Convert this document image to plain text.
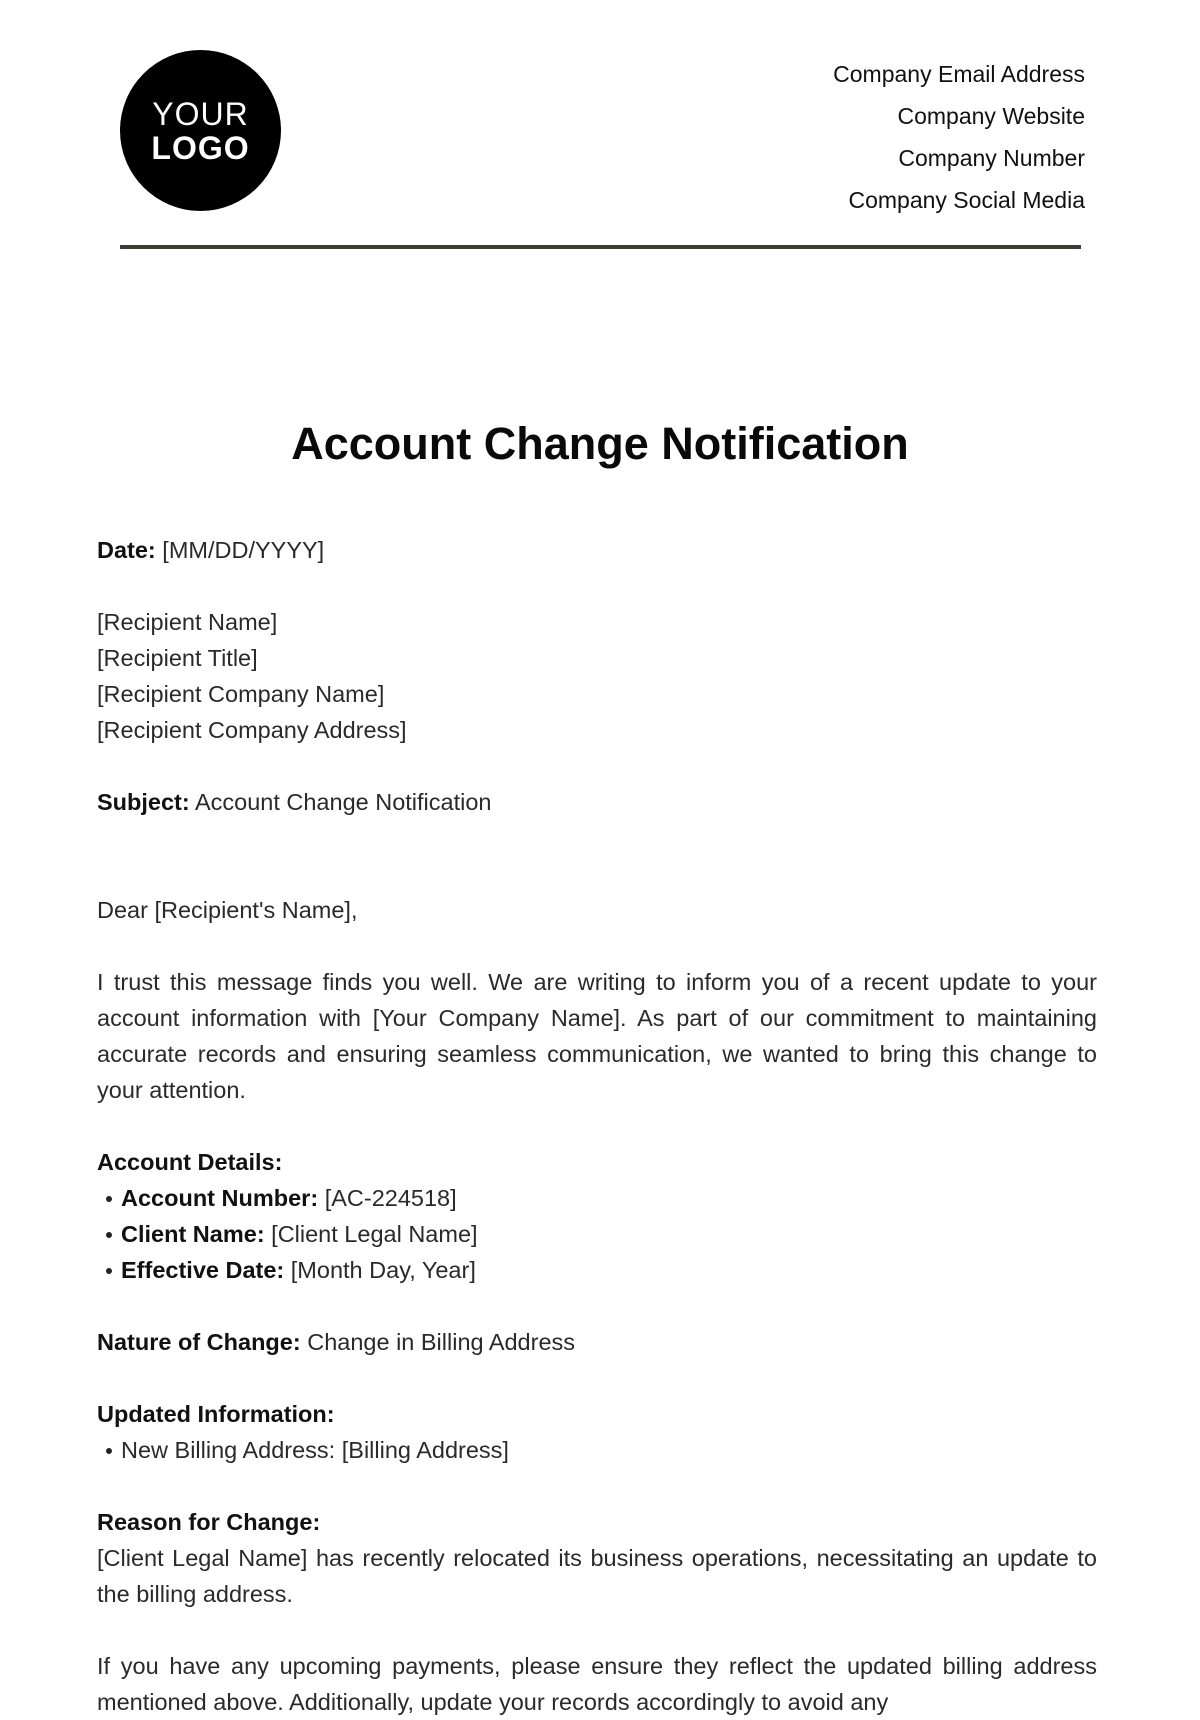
YOUR
LOGO
Company Email Address
Company Website
Company Number
Company Social Media
Account Change Notification

Date: [MM/DD/YYYY]

[Recipient Name]

[Recipient Title]

[Recipient Company Name]

[Recipient Company Address]

Subject: Account Change Notification

Dear [Recipient's Name],

I trust this message finds you well. We are writing to inform you of a recent update to your account information with [Your Company Name]. As part of our commitment to maintaining accurate records and ensuring seamless communication, we wanted to bring this change to your attention.

Account Details:

Account Number: [AC-224518]
Client Name: [Client Legal Name]
Effective Date: [Month Day, Year]

Nature of Change: Change in Billing Address

Updated Information:

New Billing Address: [Billing Address]

Reason for Change:

[Client Legal Name] has recently relocated its business operations, necessitating an update to the billing address.

If you have any upcoming payments, please ensure they reflect the updated billing address mentioned above. Additionally, update your records accordingly to avoid any
